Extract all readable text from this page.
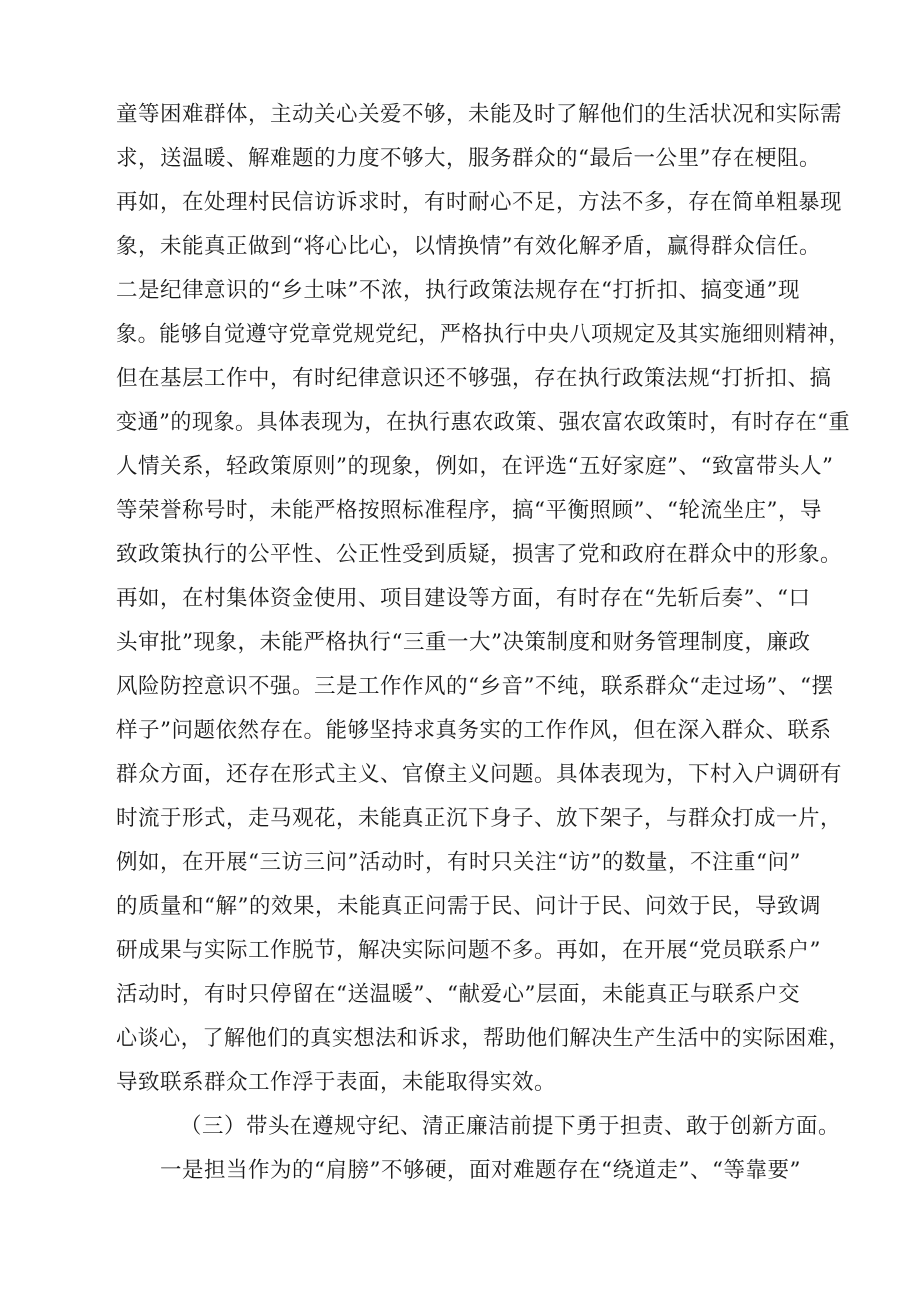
童等困难群体，主动关心关爱不够，未能及时了解他们的生活状况和实际需
求，送温暖、解难题的力度不够大，服务群众的“最后一公里”存在梗阻。
再如，在处理村民信访诉求时，有时耐心不足，方法不多，存在简单粗暴现
象，未能真正做到“将心比心，以情换情”有效化解矛盾，赢得群众信任。
二是纪律意识的“乡土味”不浓，执行政策法规存在“打折扣、搞变通”现
象。能够自觉遵守党章党规党纪，严格执行中央八项规定及其实施细则精神，
但在基层工作中，有时纪律意识还不够强，存在执行政策法规“打折扣、搞
变通”的现象。具体表现为，在执行惠农政策、强农富农政策时，有时存在“重
人情关系，轻政策原则”的现象，例如，在评选“五好家庭”、“致富带头人”
等荣誉称号时，未能严格按照标准程序，搞“平衡照顾”、“轮流坐庄”，导
致政策执行的公平性、公正性受到质疑，损害了党和政府在群众中的形象。
再如，在村集体资金使用、项目建设等方面，有时存在“先斩后奏”、“口
头审批”现象，未能严格执行“三重一大”决策制度和财务管理制度，廉政
风险防控意识不强。三是工作作风的“乡音”不纯，联系群众“走过场”、“摆
样子”问题依然存在。能够坚持求真务实的工作作风，但在深入群众、联系
群众方面，还存在形式主义、官僚主义问题。具体表现为，下村入户调研有
时流于形式，走马观花，未能真正沉下身子、放下架子，与群众打成一片，
例如，在开展“三访三问”活动时，有时只关注“访”的数量，不注重“问”
的质量和“解”的效果，未能真正问需于民、问计于民、问效于民，导致调
研成果与实际工作脱节，解决实际问题不多。再如，在开展“党员联系户”
活动时，有时只停留在“送温暖”、“献爱心”层面，未能真正与联系户交
心谈心，了解他们的真实想法和诉求，帮助他们解决生产生活中的实际困难，
导致联系群众工作浮于表面，未能取得实效。
（三）带头在遵规守纪、清正廉洁前提下勇于担责、敢于创新方面。
一是担当作为的“肩膀”不够硬，面对难题存在“绕道走”、“等靠要”
